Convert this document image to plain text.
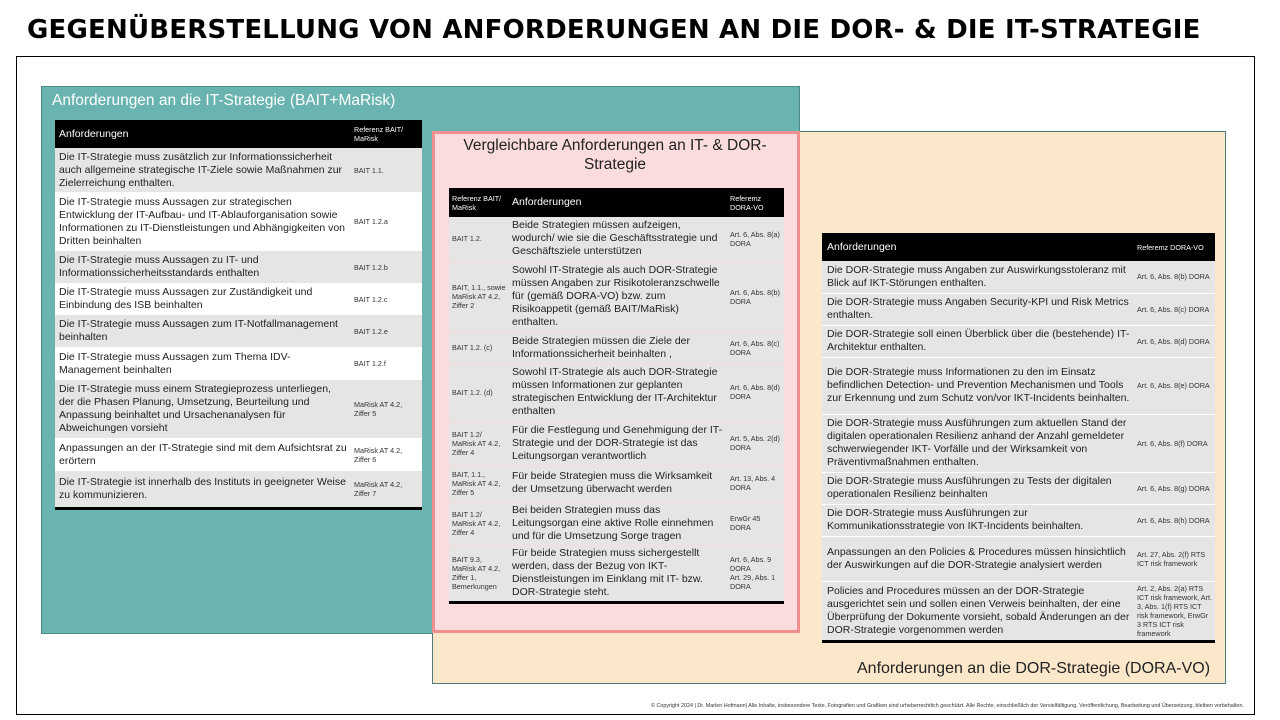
GEGENÜBERSTELLUNG VON ANFORDERUNGEN AN DIE DOR- & DIE IT-STRATEGIE
Anforderungen an die IT-Strategie (BAIT+MaRisk)
Vergleichbare Anforderungen an IT- & DOR-Strategie
Anforderungen an die DOR-Strategie (DORA-VO)
Anforderungen	Referenz BAIT/ MaRisk
Die IT-Strategie muss zusätzlich zur Informationssicherheit auch allgemeine strategische IT-Ziele sowie Maßnahmen zur Zielerreichung enthalten.	BAIT 1.1.
Die IT-Strategie muss Aussagen zur strategischen Entwicklung der IT-Aufbau- und IT-Ablauforganisation sowie Informationen zu IT-Dienstleistungen und Abhängigkeiten von Dritten beinhalten	BAIT 1.2.a
Die IT-Strategie muss Aussagen zu IT- und Informationssicherheitsstandards enthalten	BAIT 1.2.b
Die IT-Strategie muss Aussagen zur Zuständigkeit und Einbindung des ISB beinhalten	BAIT 1.2.c
Die IT-Strategie muss Aussagen zum IT-Notfallmanagement beinhalten	BAIT 1.2.e
Die IT-Strategie muss Aussagen zum Thema IDV-Management beinhalten	BAIT 1.2.f
Die IT-Strategie muss einem Strategieprozess unterliegen, der die Phasen Planung, Umsetzung, Beurteilung und Anpassung beinhaltet und Ursachenanalysen für Abweichungen vorsieht	MaRisk AT 4.2, Ziffer 5
Anpassungen an der IT-Strategie sind mit dem Aufsichtsrat zu erörtern	MaRisk AT 4.2, Ziffer 6
Die IT-Strategie ist innerhalb des Instituts in geeigneter Weise zu kommunizieren.	MaRisk AT 4.2, Ziffer 7
Referenz BAIT/ MaRisk	Anforderungen	Referemz DORA-VO
BAIT 1.2.	Beide Strategien müssen aufzeigen, wodurch/ wie sie die Geschäftsstrategie und Geschäftsziele unterstützen	Art. 6, Abs. 8(a) DORA
BAIT, 1.1., sowie MaRisk AT 4.2, Ziffer 2	Sowohl IT-Strategie als auch DOR-Strategie müssen Angaben zur Risikotoleranzschwelle für (gemäß DORA-VO) bzw. zum Risikoappetit (gemäß BAIT/MaRisk) enthalten.	Art. 6, Abs. 8(b) DORA
BAIT 1.2. (c)	Beide Strategien müssen die Ziele der Informationssicherheit beinhalten ,	Art. 6, Abs. 8(c) DORA
BAIT 1.2. (d)	Sowohl IT-Strategie als auch DOR-Strategie müssen Informationen zur geplanten strategischen Entwicklung der IT-Architektur enthalten	Art. 6, Abs. 8(d) DORA
BAIT 1.2/ MaRisk AT 4.2, Ziffer 4	Für die Festlegung und Genehmigung der IT-Strategie und der DOR-Strategie ist das Leitungsorgan verantwortlich	Art. 5, Abs. 2(d) DORA
BAIT, 1.1., MaRisk AT 4.2, Ziffer 5	Für beide Strategien muss die Wirksamkeit der Umsetzung überwacht werden	Art. 13, Abs. 4 DORA
BAIT 1.2/ MaRisk AT 4.2, Ziffer 4	Bei beiden Strategien muss das Leitungsorgan eine aktive Rolle einnehmen und für die Umsetzung Sorge tragen	ErwGr 45 DORA
BAIT 9.3, MaRisk AT 4.2, Ziffer 1, Bemerkungen	Für beide Strategien muss sichergestellt werden, dass der Bezug von IKT-Dienstleistungen im Einklang mit IT- bzw. DOR-Strategie steht.	Art. 6, Abs. 9 DORA
Art. 29, Abs. 1 DORA
Anforderungen	Referemz DORA-VO
Die DOR-Strategie muss Angaben zur Auswirkungsstoleranz mit Blick auf IKT-Störungen enthalten.	Art. 6, Abs. 8(b) DORA
Die DOR-Strategie muss Angaben Security-KPI und Risk Metrics enthalten.	Art. 6, Abs. 8(c) DORA
Die DOR-Strategie soll einen Überblick über die (bestehende) IT-Architektur enthalten.	Art. 6, Abs. 8(d) DORA
Die DOR-Strategie muss Informationen zu den im Einsatz befindlichen Detection- und Prevention Mechanismen und Tools zur Erkennung und zum Schutz von/vor IKT-Incidents beinhalten.	Art. 6, Abs. 8(e) DORA
Die DOR-Strategie muss Ausführungen zum aktuellen Stand der digitalen operationalen Resilienz anhand der Anzahl gemeldeter schwerwiegender IKT- Vorfälle und der Wirksamkeit von Präventivmaßnahmen enthalten.	Art. 6, Abs. 8(f) DORA
Die DOR-Strategie muss Ausführungen zu Tests der digitalen operationalen Resilienz beinhalten	Art. 6, Abs. 8(g) DORA
Die DOR-Strategie muss Ausführungen zur Kommunikationsstrategie von IKT-Incidents beinhalten.	Art. 6, Abs. 8(h) DORA
Anpassungen an den Policies & Procedures müssen hinsichtlich der Auswirkungen auf die DOR-Strategie analysiert werden	Art. 27, Abs. 2(f) RTS ICT risk framework
Policies and Procedures müssen an der DOR-Strategie ausgerichtet sein und sollen einen Verweis beinhalten, der eine Überprüfung der Dokumente vorsieht, sobald Änderungen an der DOR-Strategie vorgenommen werden	Art. 2, Abs. 2(a) RTS ICT risk framework, Art. 3, Abs. 1(f) RTS ICT risk framework, ErwGr 3 RTS ICT risk framework
© Copyright 2024 | Dr. Marlen Hofmann| Alle Inhalte, insbesondere Texte, Fotografien und Grafiken sind urheberrechtlich geschützt. Alle Rechte, einschließlich der Vervielfältigung, Veröffentlichung, Bearbeitung und Übersetzung, bleiben vorbehalten.
